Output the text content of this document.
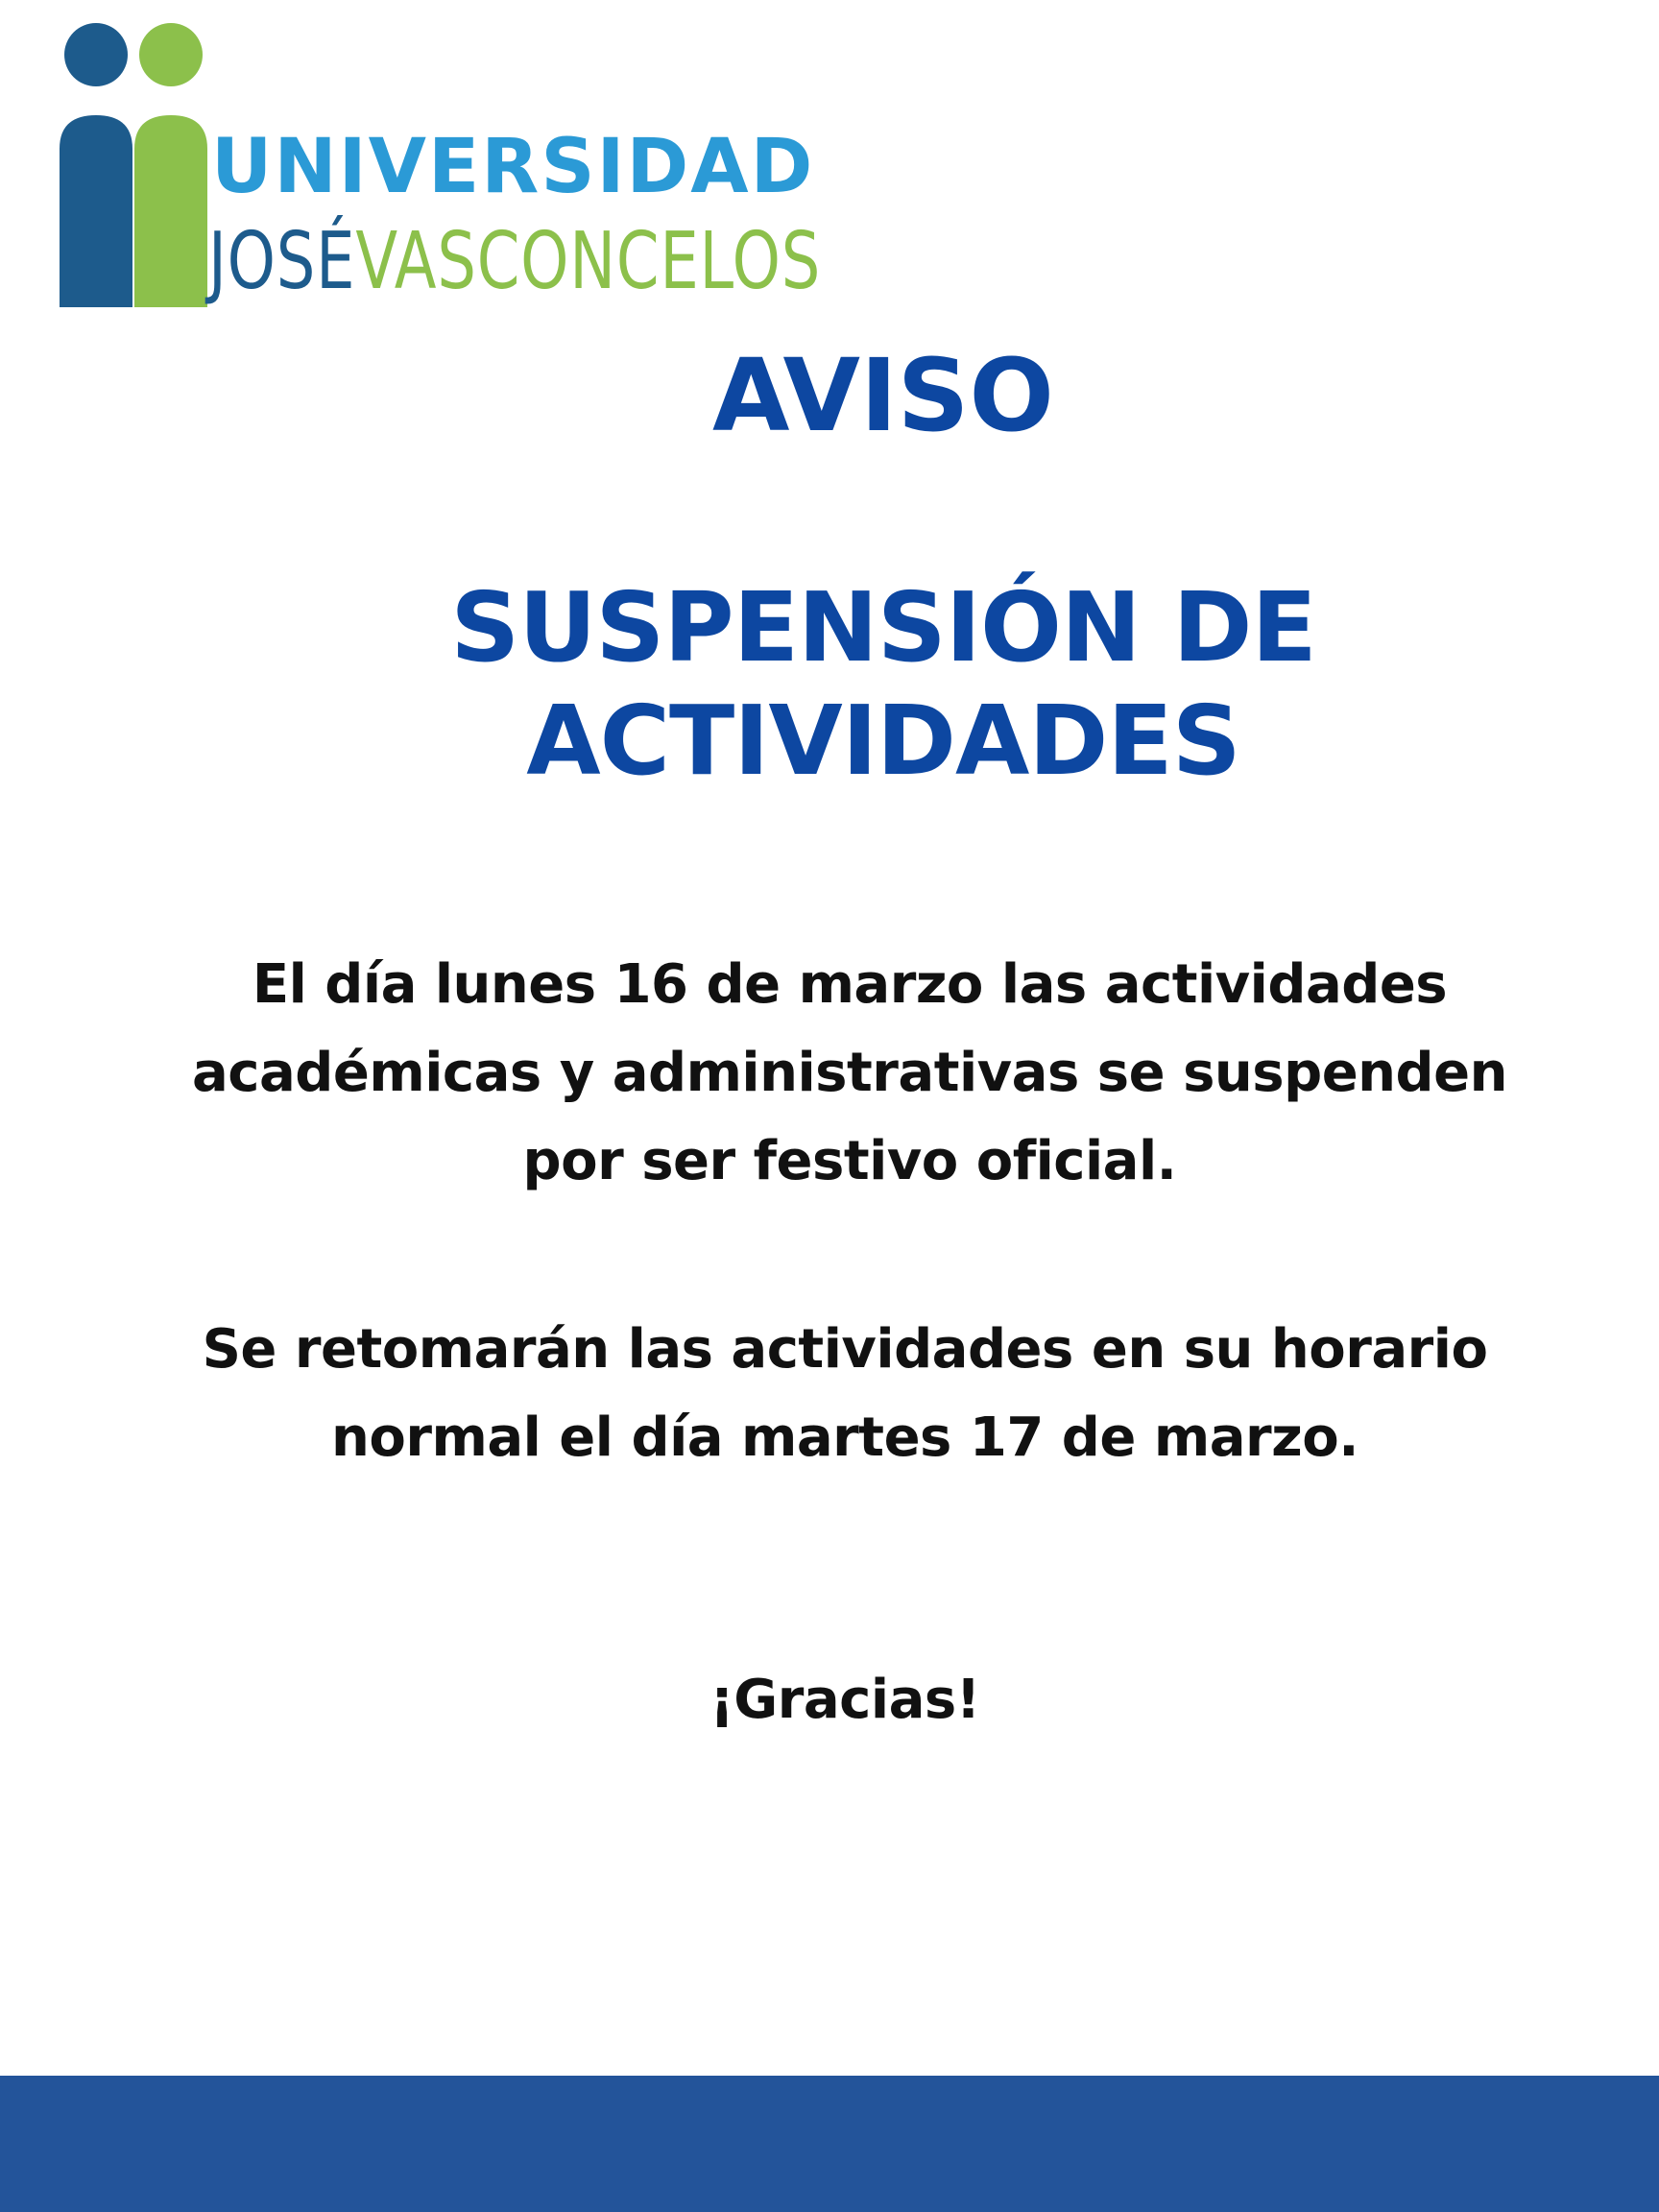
UNIVERSIDAD
JOSÉVASCONCELOS
AVISO
SUSPENSIÓN DE ACTIVIDADES

El día lunes 16 de marzo las actividades académicas y administrativas se suspenden por ser festivo oficial.

Se retomarán las actividades en su horario normal el día martes 17 de marzo.

¡Gracias!
